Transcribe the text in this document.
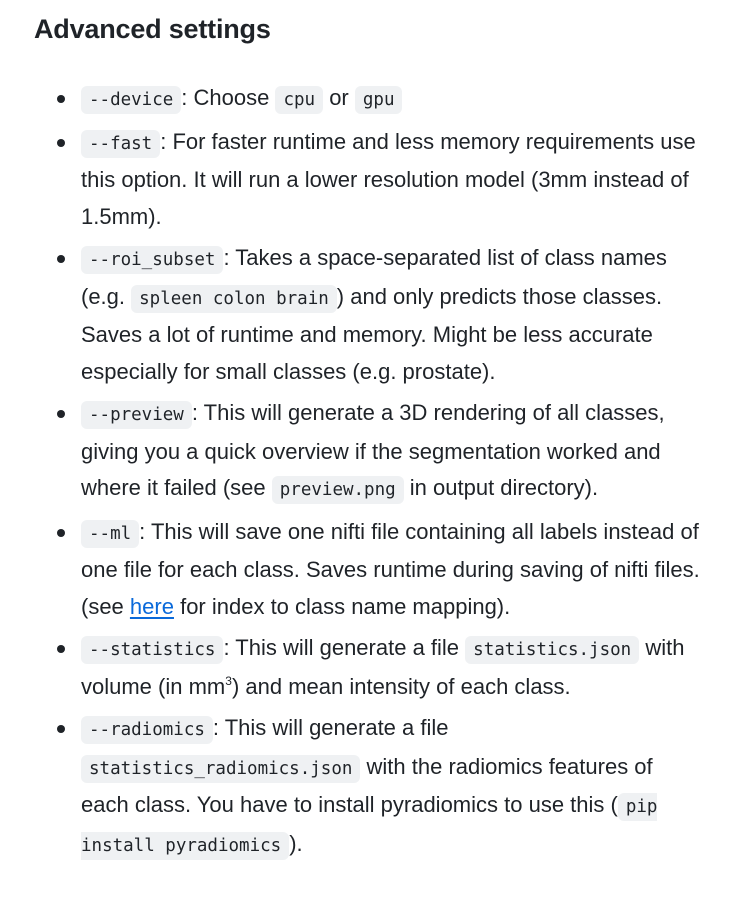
Advanced settings
--device : Choose cpu or gpu
--fast : For faster runtime and less memory requirements use this option. It will run a lower resolution model (3mm instead of 1.5mm).
--roi_subset : Takes a space-separated list of class names (e.g. spleen colon brain ) and only predicts those classes. Saves a lot of runtime and memory. Might be less accurate especially for small classes (e.g. prostate).
--preview : This will generate a 3D rendering of all classes, giving you a quick overview if the segmentation worked and where it failed (see preview.png in output directory).
--ml : This will save one nifti file containing all labels instead of one file for each class. Saves runtime during saving of nifti files. (see here for index to class name mapping).
--statistics : This will generate a file statistics.json with volume (in $mm^3$) and mean intensity of each class.
--radiomics : This will generate a file statistics_radiomics.json with the radiomics features of each class. You have to install pyradiomics to use this ( pip install pyradiomics ).
